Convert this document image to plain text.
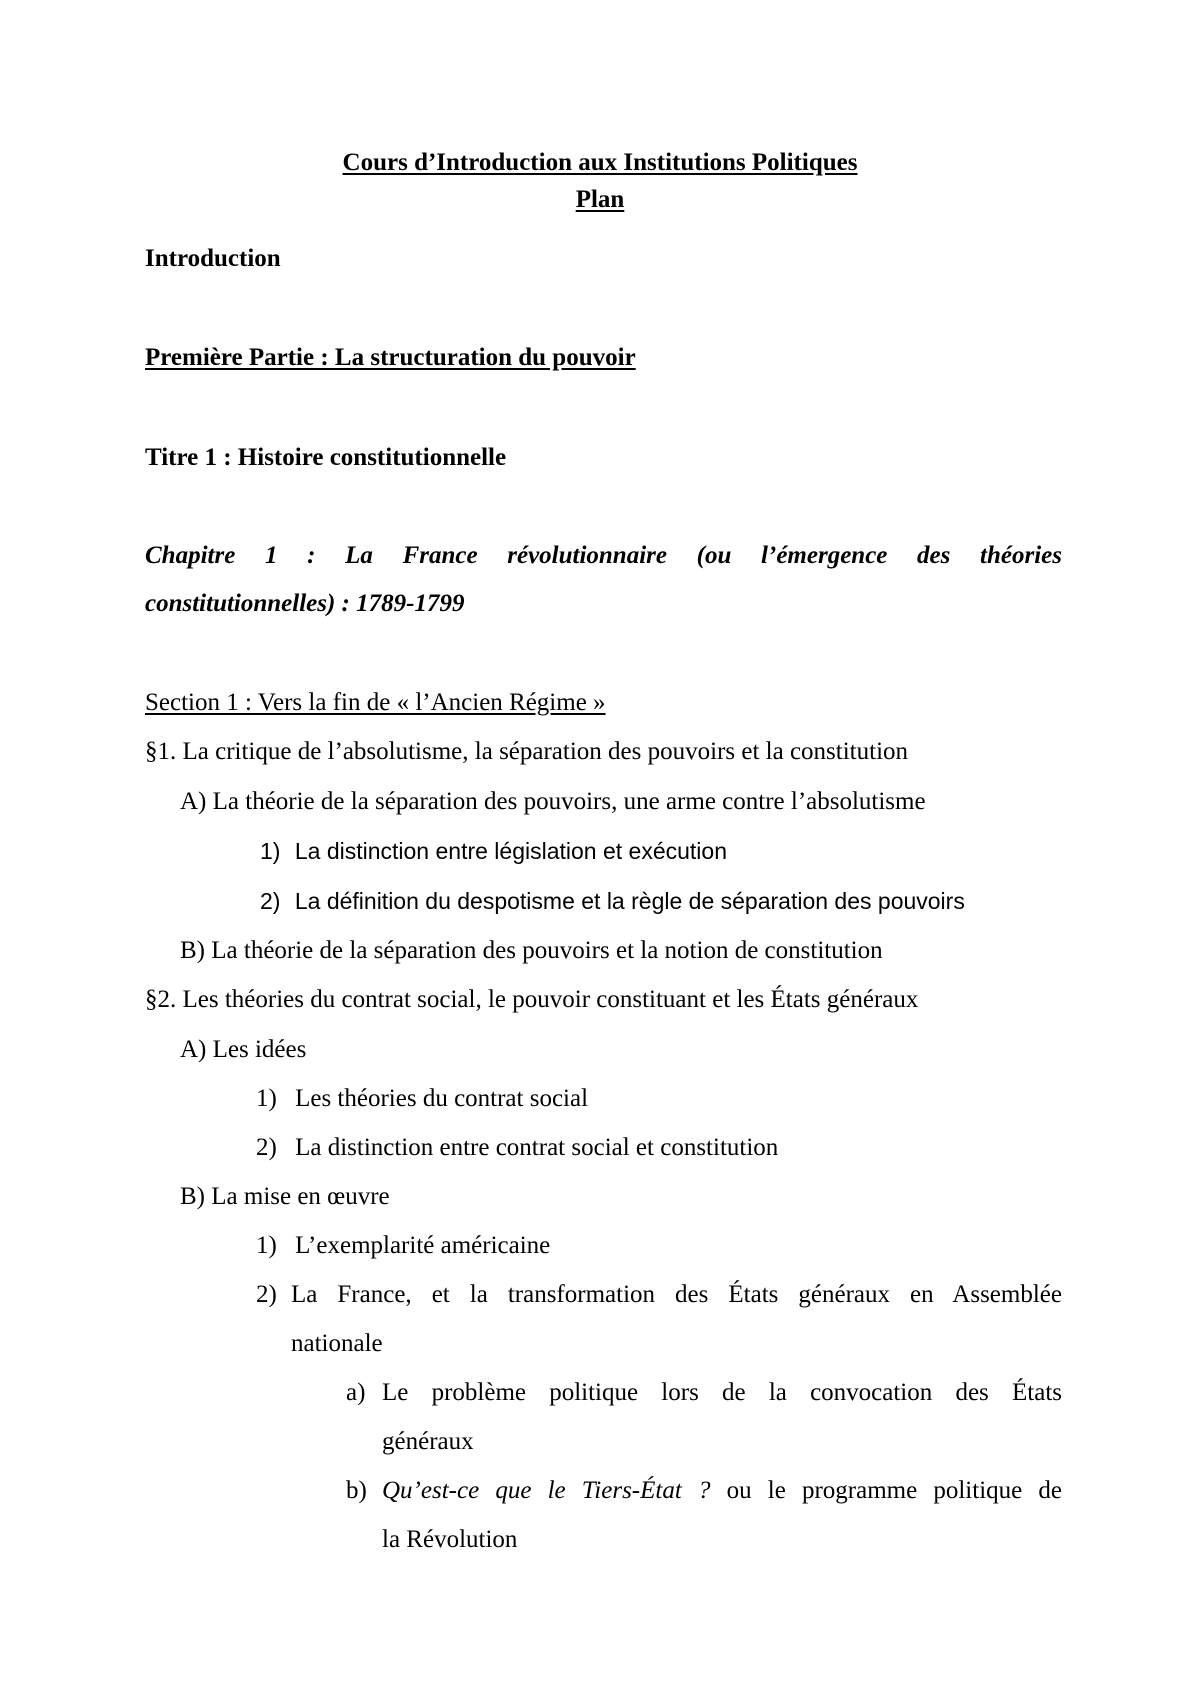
Cours d’Introduction aux Institutions Politiques
Plan
Introduction
Première Partie : La structuration du pouvoir
Titre 1 : Histoire constitutionnelle
Chapitre 1 : La France révolutionnaire (ou l’émergence des théories
constitutionnelles) : 1789-1799
Section 1 : Vers la fin de « l’Ancien Régime »
§1. La critique de l’absolutisme, la séparation des pouvoirs et la constitution
A) La théorie de la séparation des pouvoirs, une arme contre l’absolutisme
1) La distinction entre législation et exécution
2) La définition du despotisme et la règle de séparation des pouvoirs
B) La théorie de la séparation des pouvoirs et la notion de constitution
§2. Les théories du contrat social, le pouvoir constituant et les États généraux
A) Les idées
1) Les théories du contrat social
2) La distinction entre contrat social et constitution
B) La mise en œuvre
1) L’exemplarité américaine
2) La France, et la transformation des États généraux en Assemblée
nationale
a) Le problème politique lors de la convocation des États
généraux
b) Qu’est-ce que le Tiers-État ? ou le programme politique de
la Révolution
